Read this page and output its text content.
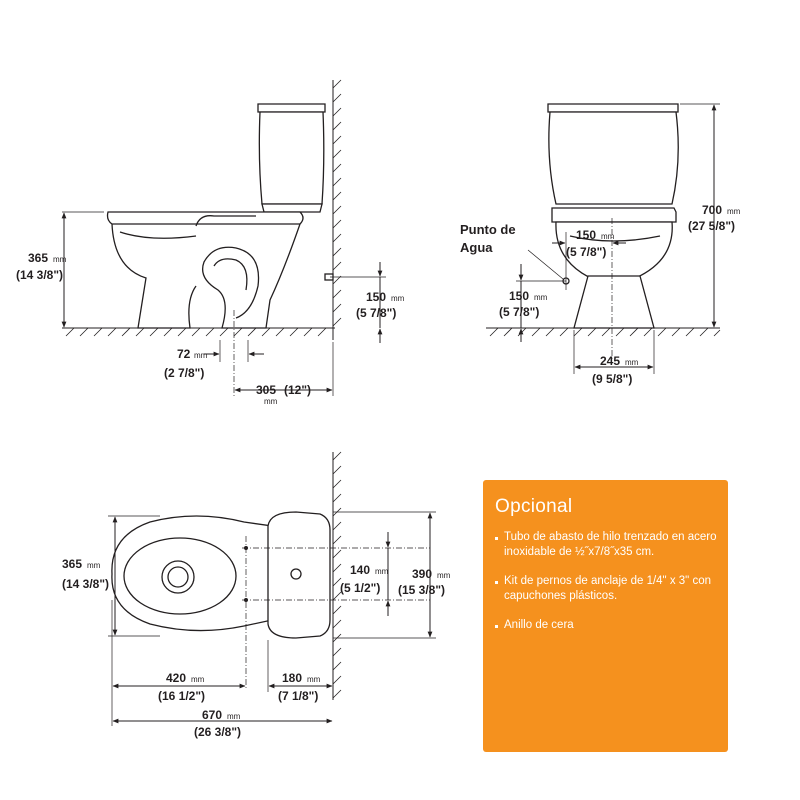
365 mm
(14 3/8")
150 mm
(5 7/8")
72 mm
(2 7/8")
305 (12")
mm
Punto de
Agua
150 mm
(5 7/8")
150 mm
(5 7/8")
700 mm
(27 5/8")
245 mm
(9 5/8")
365 mm
(14 3/8")
140 mm
(5 1/2")
390 mm
(15 3/8")
420 mm
(16 1/2")
180 mm
(7 1/8")
670 mm
(26 3/8")
Opcional
Tubo de abasto de hilo trenzado en acero inoxidable de ½˝x7/8˝x35 cm.
Kit de pernos de anclaje de 1/4" x 3" con capuchones plásticos.
Anillo de cera
